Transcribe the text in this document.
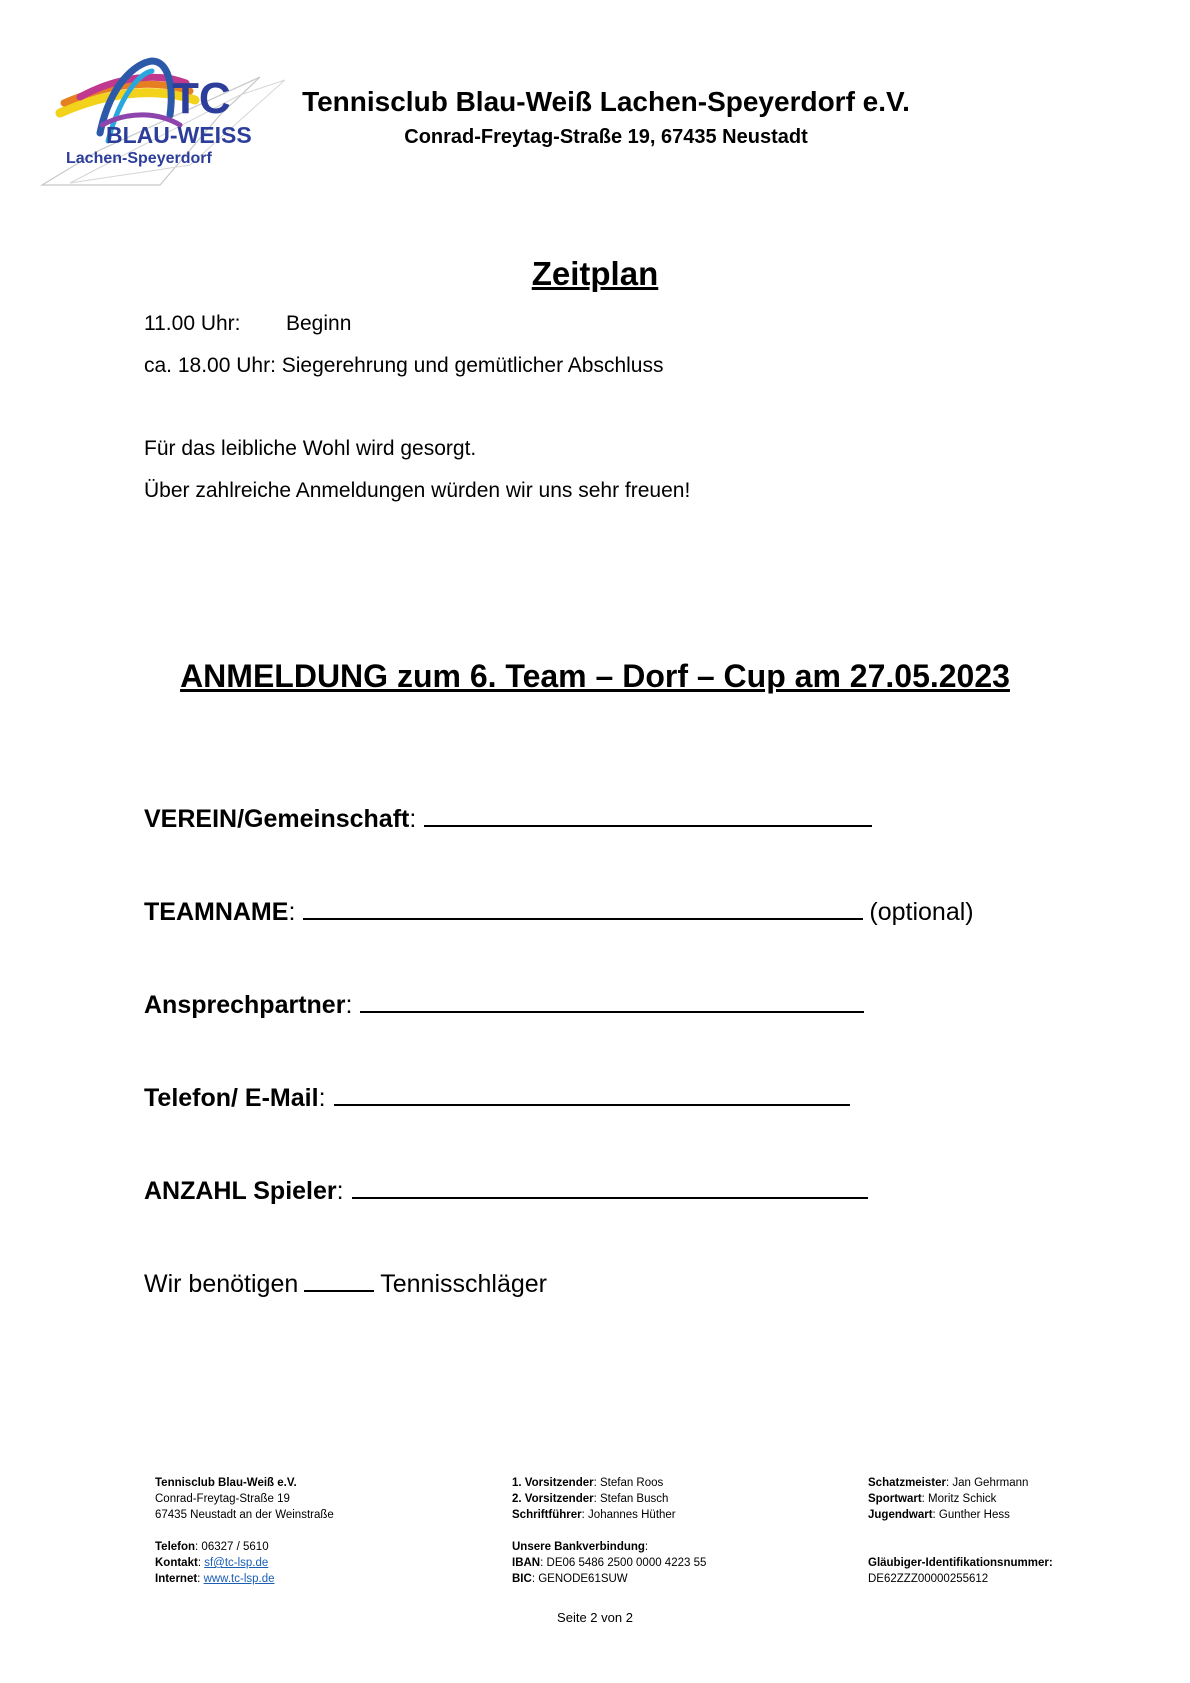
TC
BLAU-WEISS
Lachen-Speyerdorf
Tennisclub Blau-Weiß Lachen-Speyerdorf e.V.
Conrad-Freytag-Straße 19, 67435 Neustadt
Zeitplan
11.00 Uhr: Beginn
ca. 18.00 Uhr: Siegerehrung und gemütlicher Abschluss
Für das leibliche Wohl wird gesorgt.
Über zahlreiche Anmeldungen würden wir uns sehr freuen!
ANMELDUNG zum 6. Team – Dorf – Cup am 27.05.2023
VEREIN/Gemeinschaft :
TEAMNAME :	(optional)
Ansprechpartner :
Telefon/ E-Mail :
ANZAHL Spieler :
Wir benötigen	Tennisschläger
Tennisclub Blau-Weiß e.V.
Conrad-Freytag-Straße 19
67435 Neustadt an der Weinstraße
Telefon: 06327 / 5610
Kontakt: sf@tc-lsp.de
Internet: www.tc-lsp.de
1. Vorsitzender: Stefan Roos
2. Vorsitzender: Stefan Busch
Schriftführer: Johannes Hüther
Unsere Bankverbindung:
IBAN: DE06 5486 2500 0000 4223 55
BIC: GENODE61SUW
Schatzmeister: Jan Gehrmann
Sportwart: Moritz Schick
Jugendwart: Gunther Hess
Gläubiger-Identifikationsnummer:
DE62ZZZ00000255612
Seite 2 von 2
